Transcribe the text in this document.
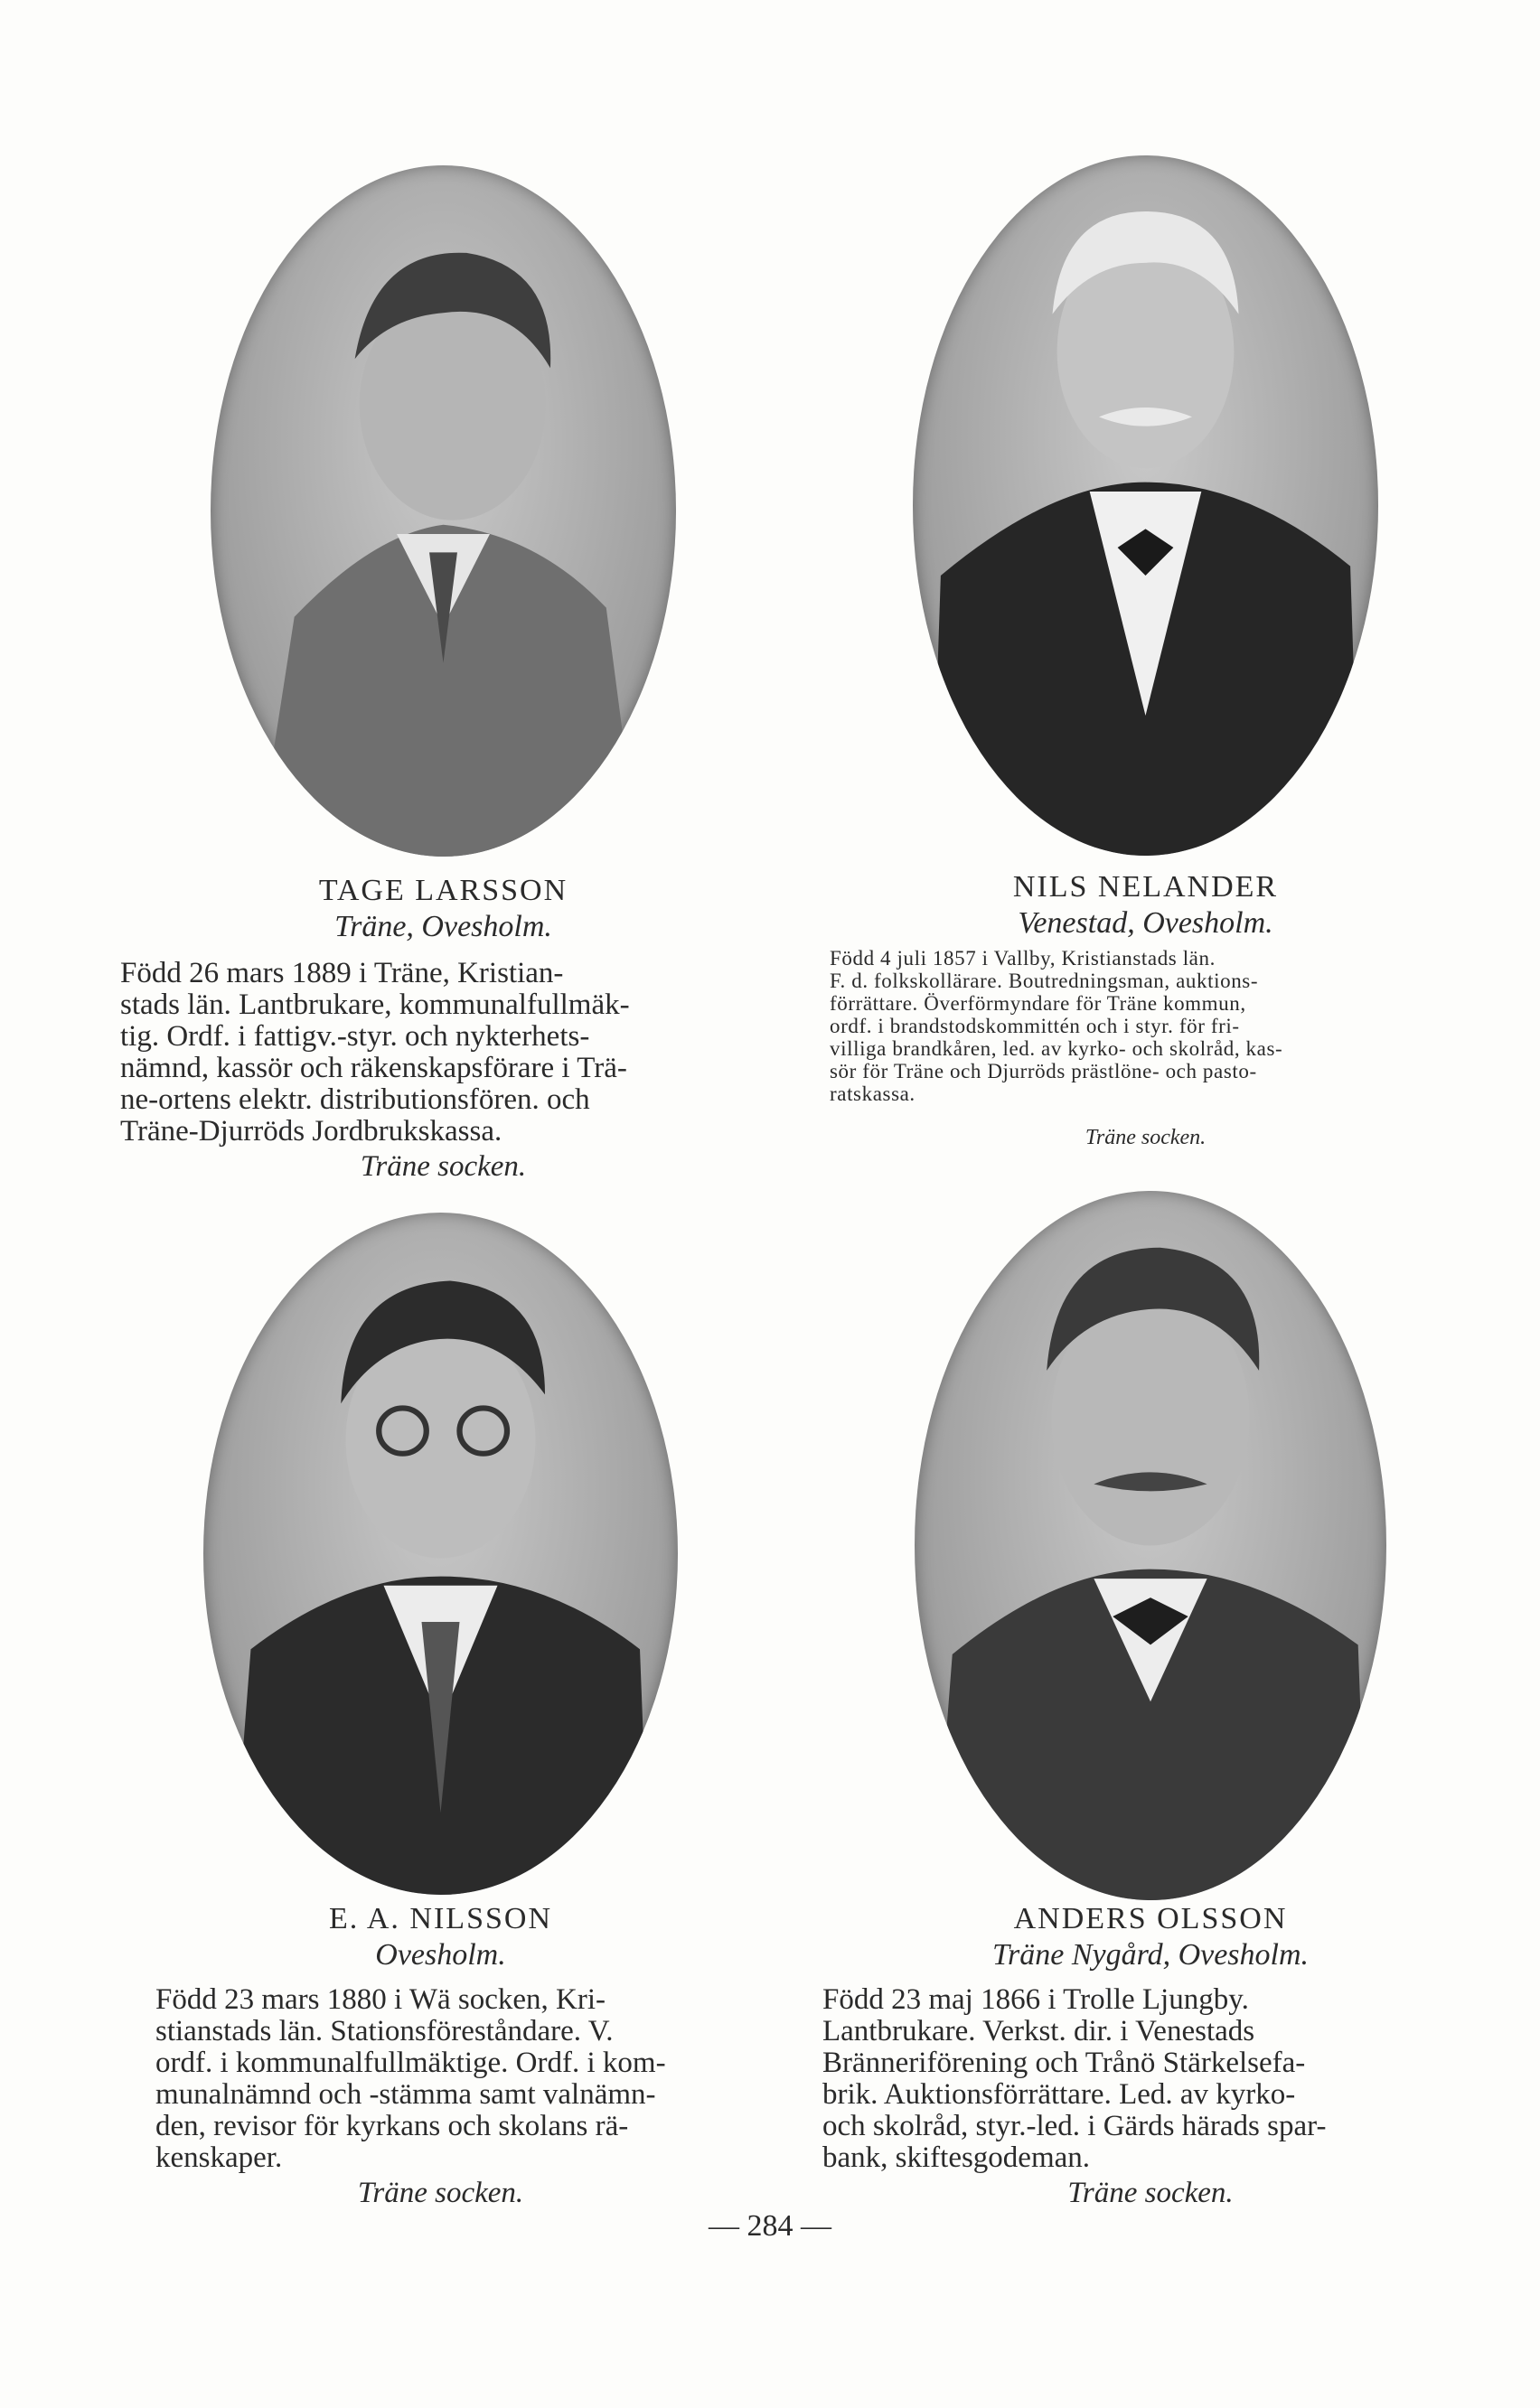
TAGE LARSSON
Träne, Ovesholm.
Född 26 mars 1889 i Träne, Kristian-
stads län. Lantbrukare, kommunalfullmäk-
tig. Ordf. i fattigv.-styr. och nykterhets-
nämnd, kassör och räkenskapsförare i Trä-
ne-ortens elektr. distributionsfören. och
Träne-Djurröds Jordbrukskassa.
Träne socken.
NILS NELANDER
Venestad, Ovesholm.
Född 4 juli 1857 i Vallby, Kristianstads län.
F. d. folkskollärare. Boutredningsman, auktions-
förrättare. Överförmyndare för Träne kommun,
ordf. i brandstodskommittén och i styr. för fri-
villiga brandkåren, led. av kyrko- och skolråd, kas-
sör för Träne och Djurröds prästlöne- och pasto-
ratskassa.
Träne socken.
E. A. NILSSON
Ovesholm.
Född 23 mars 1880 i Wä socken, Kri-
stianstads län. Stationsföreståndare. V.
ordf. i kommunalfullmäktige. Ordf. i kom-
munalnämnd och -stämma samt valnämn-
den, revisor för kyrkans och skolans rä-
kenskaper.
Träne socken.
ANDERS OLSSON
Träne Nygård, Ovesholm.
Född 23 maj 1866 i Trolle Ljungby.
Lantbrukare. Verkst. dir. i Venestads
Bränneriförening och Trånö Stärkelsefa-
brik. Auktionsförrättare. Led. av kyrko-
och skolråd, styr.-led. i Gärds härads spar-
bank, skiftesgodeman.
Träne socken.
— 284 —
